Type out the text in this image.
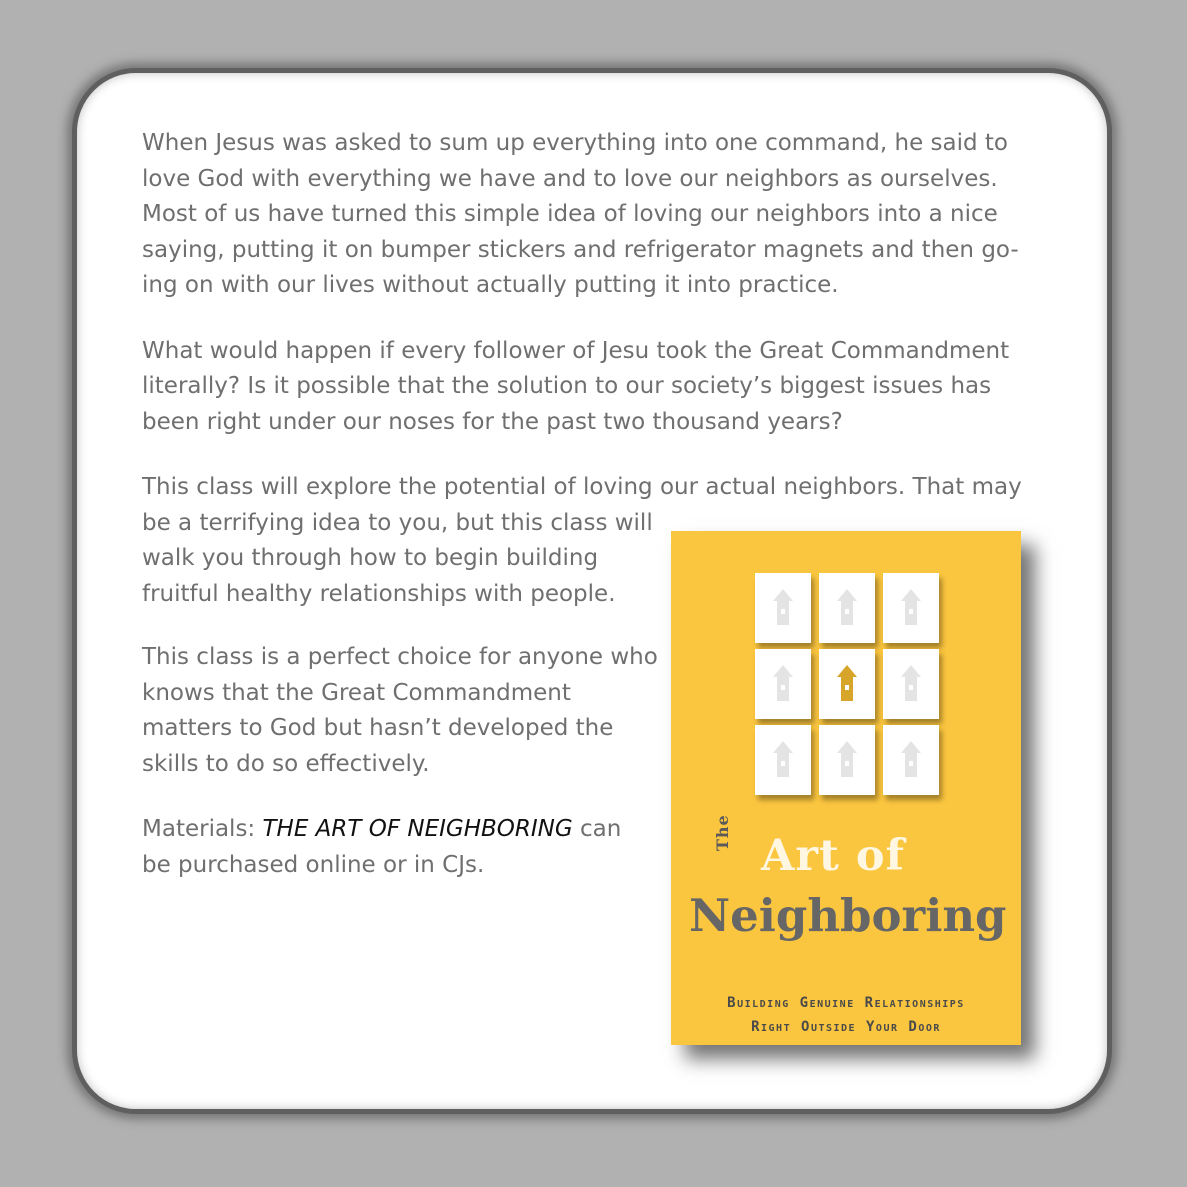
When Jesus was asked to sum up everything into one command, he said to
love God with everything we have and to love our neighbors as ourselves.
Most of us have turned this simple idea of loving our neighbors into a nice
saying, putting it on bumper stickers and refrigerator magnets and then go-
ing on with our lives without actually putting it into practice.

What would happen if every follower of Jesu took the Great Commandment
literally? Is it possible that the solution to our society’s biggest issues has
been right under our noses for the past two thousand years?

This class will explore the potential of loving our actual neighbors. That may
be a terrifying idea to you, but this class will
walk you through how to begin building
fruitful healthy relationships with people.

This class is a perfect choice for anyone who
knows that the Great Commandment
matters to God but hasn’t developed the
skills to do so effectively.

Materials: THE ART OF NEIGHBORING can
be purchased online or in CJs.

The Art of
Neighboring
Building Genuine Relationships
Right Outside Your Door
